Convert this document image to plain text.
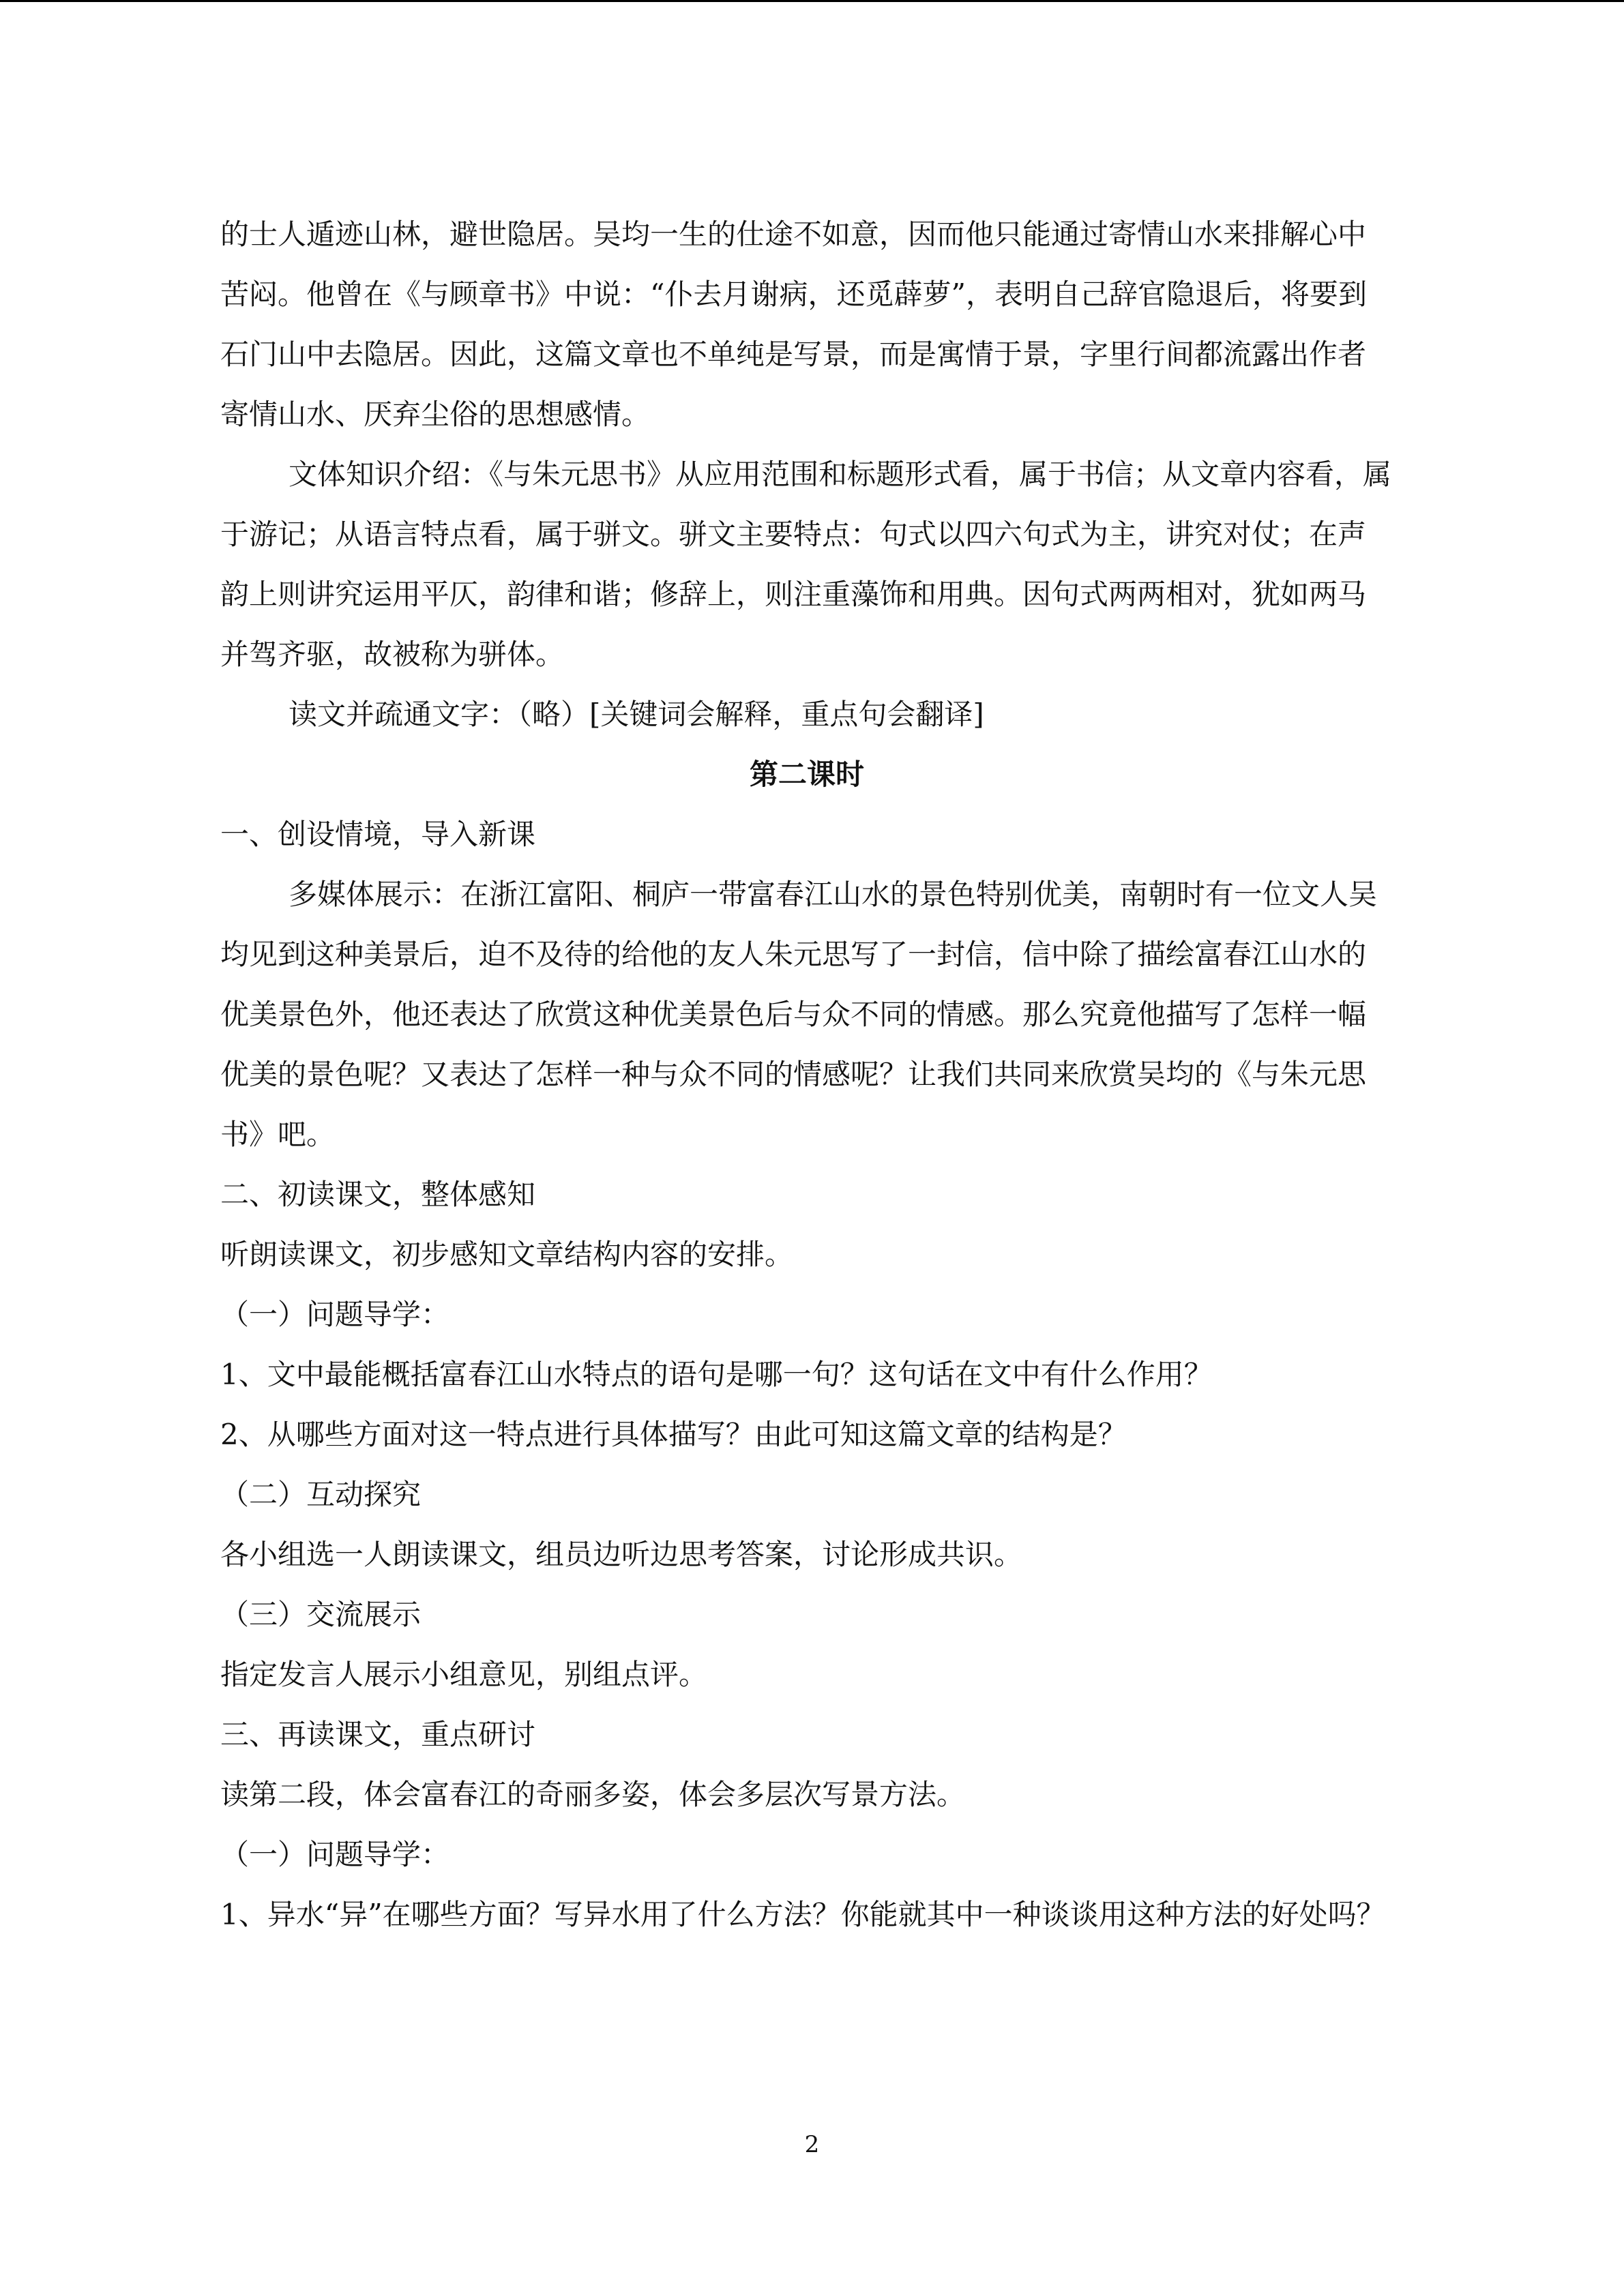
的士人遁迹山林，避世隐居。吴均一生的仕途不如意，因而他只能通过寄情山水来排解心中苦闷。他曾在《与顾章书》中说：“仆去月谢病，还觅薜萝”，表明自己辞官隐退后，将要到石门山中去隐居。因此，这篇文章也不单纯是写景，而是寓情于景，字里行间都流露出作者寄情山水、厌弃尘俗的思想感情。

文体知识介绍：《与朱元思书》从应用范围和标题形式看，属于书信；从文章内容看，属于游记；从语言特点看，属于骈文。骈文主要特点：句式以四六句式为主，讲究对仗；在声韵上则讲究运用平仄，韵律和谐；修辞上，则注重藻饰和用典。因句式两两相对，犹如两马并驾齐驱，故被称为骈体。

读文并疏通文字：（略）[关键词会解释，重点句会翻译]

第二课时

一、创设情境，导入新课

多媒体展示：在浙江富阳、桐庐一带富春江山水的景色特别优美，南朝时有一位文人吴均见到这种美景后，迫不及待的给他的友人朱元思写了一封信，信中除了描绘富春江山水的优美景色外，他还表达了欣赏这种优美景色后与众不同的情感。那么究竟他描写了怎样一幅优美的景色呢？又表达了怎样一种与众不同的情感呢？让我们共同来欣赏吴均的《与朱元思书》吧。

二、初读课文，整体感知

听朗读课文，初步感知文章结构内容的安排。

（一）问题导学：

1、文中最能概括富春江山水特点的语句是哪一句？这句话在文中有什么作用？

2、从哪些方面对这一特点进行具体描写？由此可知这篇文章的结构是？

（二）互动探究

各小组选一人朗读课文，组员边听边思考答案，讨论形成共识。

（三）交流展示

指定发言人展示小组意见，别组点评。

三、再读课文，重点研讨

读第二段，体会富春江的奇丽多姿，体会多层次写景方法。

（一）问题导学：

1、异水“异”在哪些方面？写异水用了什么方法？你能就其中一种谈谈用这种方法的好处吗？

2
